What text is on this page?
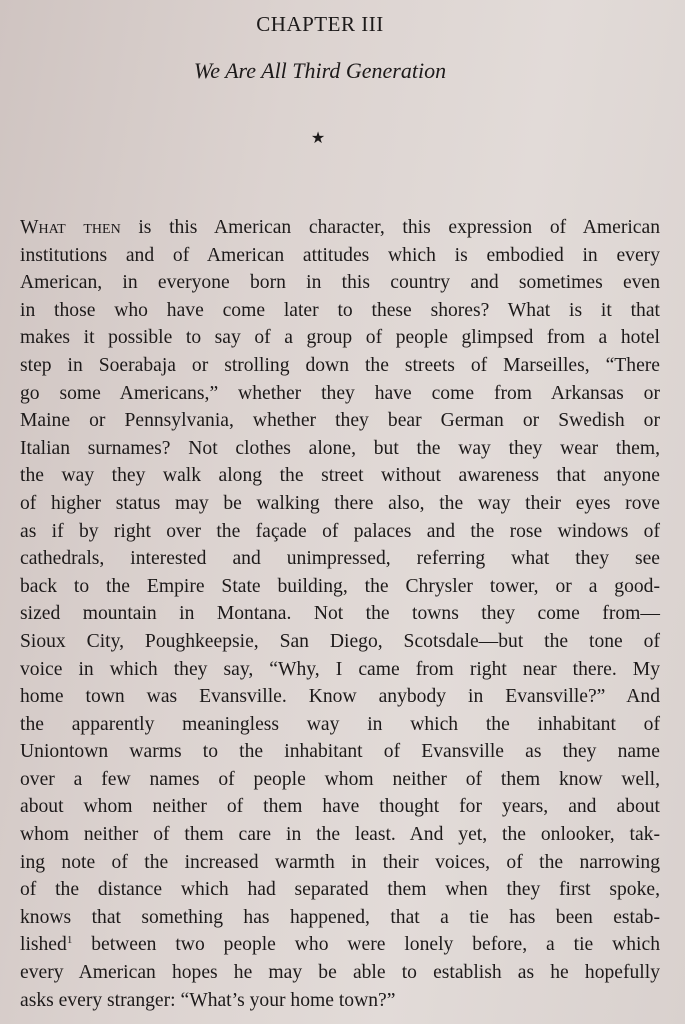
CHAPTER III
We Are All Third Generation
★
What then is this American character, this expression of American
institutions and of American attitudes which is embodied in every
American, in everyone born in this country and sometimes even
in those who have come later to these shores? What is it that
makes it possible to say of a group of people glimpsed from a hotel
step in Soerabaja or strolling down the streets of Marseilles, “There
go some Americans,” whether they have come from Arkansas or
Maine or Pennsylvania, whether they bear German or Swedish or
Italian surnames? Not clothes alone, but the way they wear them,
the way they walk along the street without awareness that anyone
of higher status may be walking there also, the way their eyes rove
as if by right over the façade of palaces and the rose windows of
cathedrals, interested and unimpressed, referring what they see
back to the Empire State building, the Chrysler tower, or a good-
sized mountain in Montana. Not the towns they come from—
Sioux City, Poughkeepsie, San Diego, Scotsdale—but the tone of
voice in which they say, “Why, I came from right near there. My
home town was Evansville. Know anybody in Evansville?” And
the apparently meaningless way in which the inhabitant of
Uniontown warms to the inhabitant of Evansville as they name
over a few names of people whom neither of them know well,
about whom neither of them have thought for years, and about
whom neither of them care in the least. And yet, the onlooker, tak-
ing note of the increased warmth in their voices, of the narrowing
of the distance which had separated them when they first spoke,
knows that something has happened, that a tie has been estab-
lished$^1$ between two people who were lonely before, a tie which
every American hopes he may be able to establish as he hopefully
asks every stranger: “What’s your home town?”
